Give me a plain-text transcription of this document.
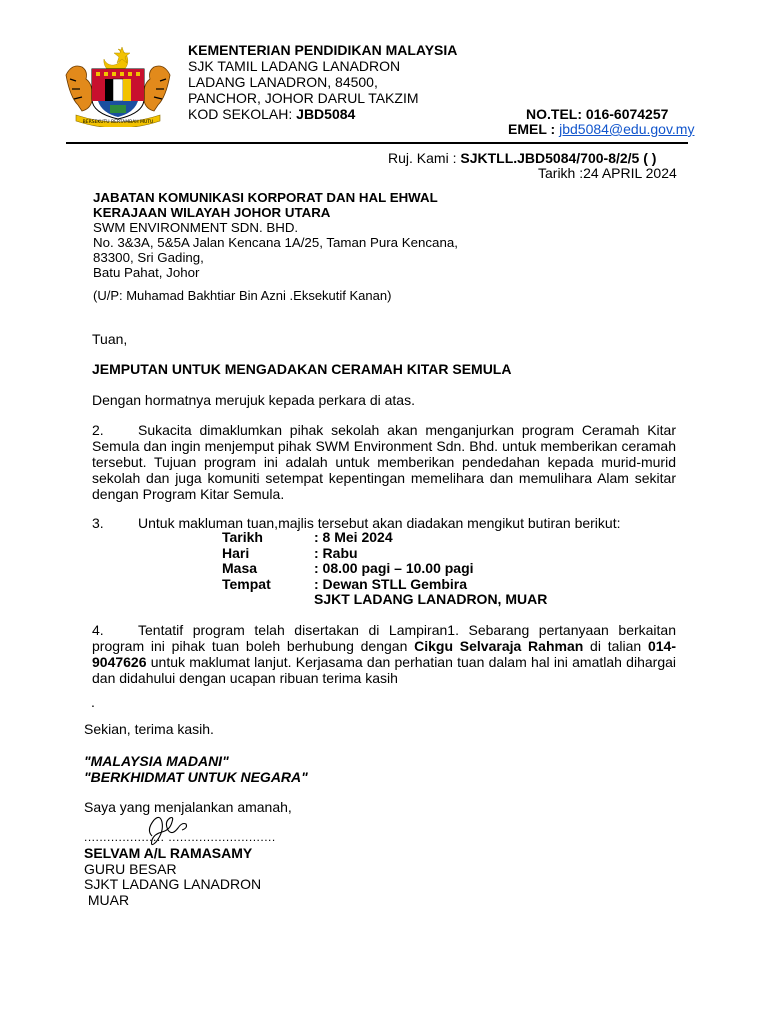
BERSEKUTU BERTAMBAH MUTU
KEMENTERIAN PENDIDIKAN MALAYSIA
SJK TAMIL LADANG LANADRON
LADANG LANADRON, 84500,
PANCHOR, JOHOR DARUL TAKZIM
KOD SEKOLAH: JBD5084	NO.TEL: 016-6074257
EMEL : jbd5084@edu.gov.my
Ruj. Kami : SJKTLL.JBD5084/700-8/2/5 ( )
Tarikh :24 APRIL 2024
JABATAN KOMUNIKASI KORPORAT DAN HAL EHWAL
KERAJAAN WILAYAH JOHOR UTARA
SWM ENVIRONMENT SDN. BHD.
No. 3&3A, 5&5A Jalan Kencana 1A/25, Taman Pura Kencana,
83300, Sri Gading,
Batu Pahat, Johor
(U/P: Muhamad Bakhtiar Bin Azni .Eksekutif Kanan)
Tuan,
JEMPUTAN UNTUK MENGADAKAN CERAMAH KITAR SEMULA
Dengan hormatnya merujuk kepada perkara di atas.
2. Sukacita dimaklumkan pihak sekolah akan menganjurkan program Ceramah Kitar Semula dan ingin menjemput pihak SWM Environment Sdn. Bhd. untuk memberikan ceramah tersebut. Tujuan program ini adalah untuk memberikan pendedahan kepada murid-murid sekolah dan juga komuniti setempat kepentingan memelihara dan memulihara Alam sekitar dengan Program Kitar Semula.
3. Untuk makluman tuan,majlis tersebut akan diadakan mengikut butiran berikut:
Tarikh	: 8 Mei 2024
Hari	: Rabu
Masa	: 08.00 pagi – 10.00 pagi
Tempat	: Dewan STLL Gembira
SJKT LADANG LANADRON, MUAR
4. Tentatif program telah disertakan di Lampiran1. Sebarang pertanyaan berkaitan program ini pihak tuan boleh berhubung dengan Cikgu Selvaraja Rahman di talian 014-9047626 untuk maklumat lanjut. Kerjasama dan perhatian tuan dalam hal ini amatlah dihargai dan didahului dengan ucapan ribuan terima kasih
.
Sekian, terima kasih.
"MALAYSIA MADANI"
"BERKHIDMAT UNTUK NEGARA"
Saya yang menjalankan amanah,
..................... ............................
SELVAM A/L RAMASAMY
GURU BESAR
SJKT LADANG LANADRON
MUAR
